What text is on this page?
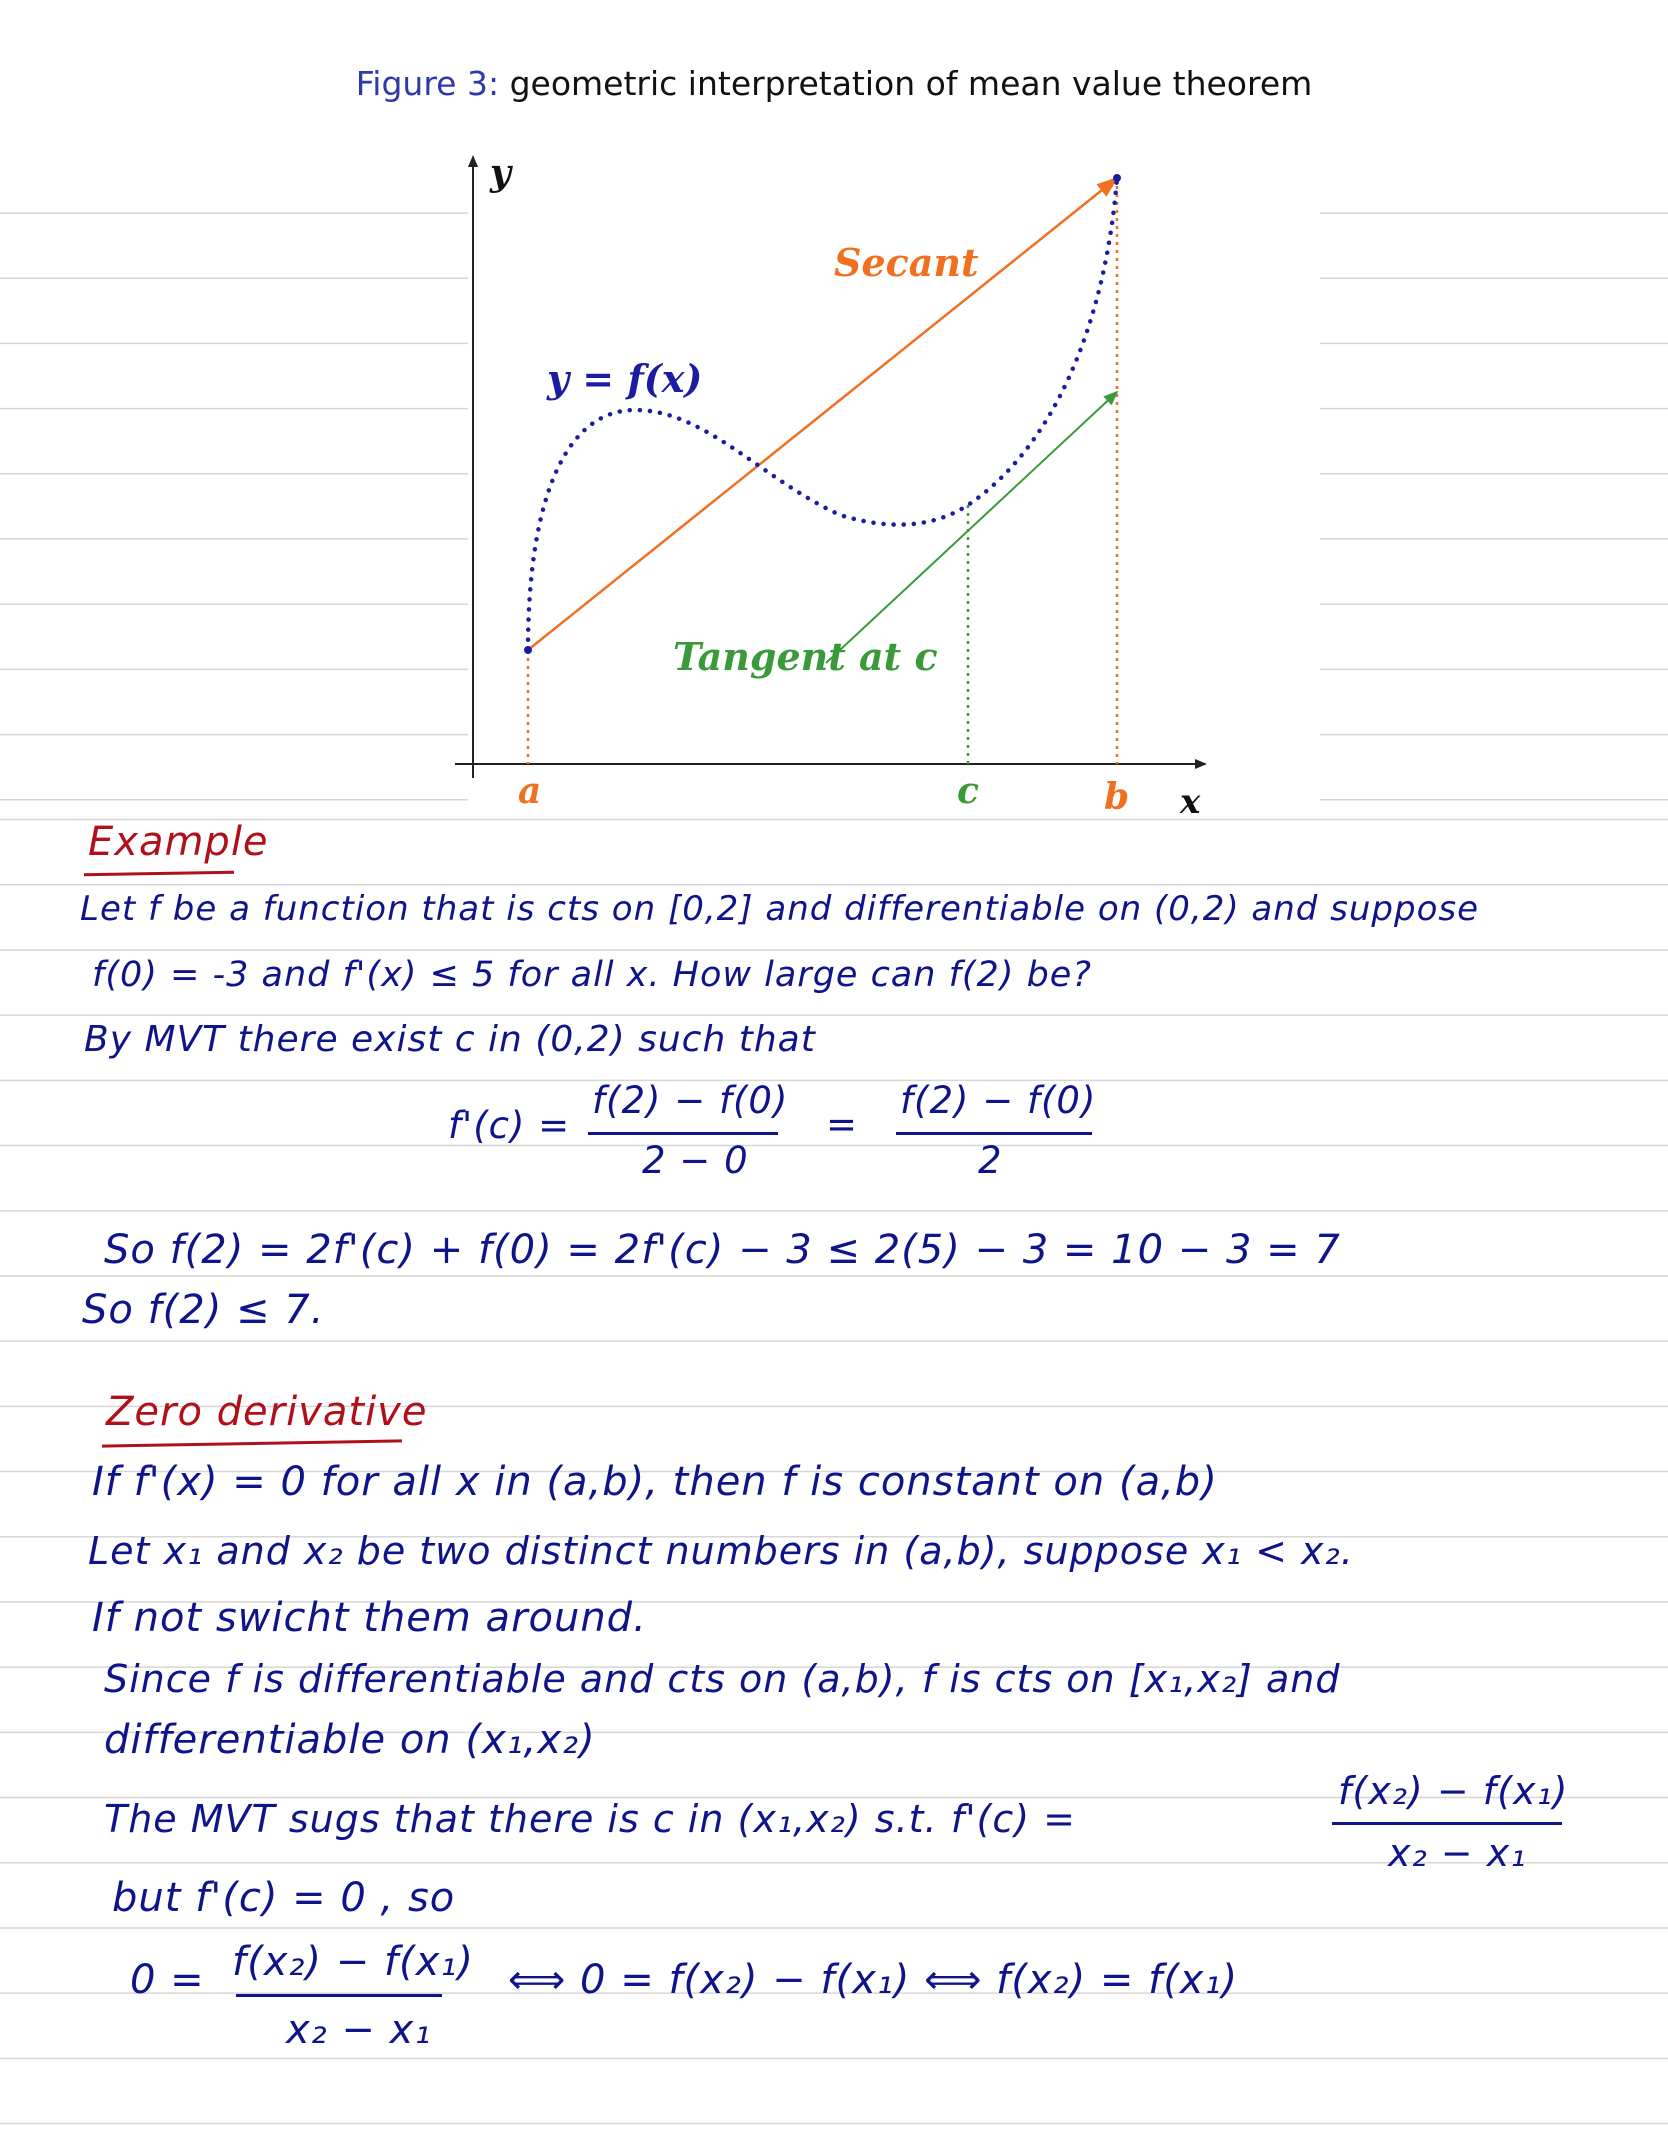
Figure 3: geometric interpretation of mean value theorem
y
x
y = f(x)
Secant
Tangent at c
a	c	b
Example
Let f be a function that is cts on [0,2] and differentiable on (0,2) and suppose
f(0) = -3 and f'(x) ≤ 5 for all x. How large can f(2) be?
By MVT there exist c in (0,2) such that
f'(c) =
f(2) − f(0)
2 − 0
=
f(2) − f(0)
2
So f(2) = 2f'(c) + f(0) = 2f'(c) − 3 ≤ 2(5) − 3 = 10 − 3 = 7
So f(2) ≤ 7.
Zero derivative
If f'(x) = 0 for all x in (a,b), then f is constant on (a,b)
Let x₁ and x₂ be two distinct numbers in (a,b), suppose x₁ < x₂.
If not swicht them around.
Since f is differentiable and cts on (a,b), f is cts on [x₁,x₂] and
differentiable on (x₁,x₂)
The MVT sugs that there is c in (x₁,x₂) s.t. f'(c) =
f(x₂) − f(x₁)
x₂ − x₁
but f'(c) = 0 , so
0 = f(x₂) − f(x₁)
x₂ − x₁
⟺ 0 = f(x₂) − f(x₁) ⟺ f(x₂) = f(x₁)
